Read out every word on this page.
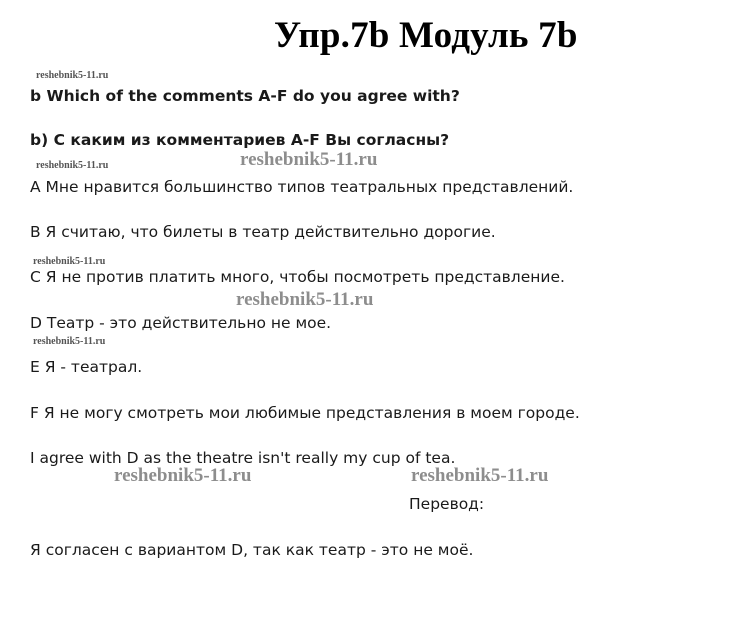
Упр.7b Модуль 7b
reshebnik5-11.ru
b Which of the comments A-F do you agree with?
b) С каким из комментариев A-F Вы согласны?
reshebnik5-11.ru	reshebnik5-11.ru
A Мне нравится большинство типов театральных представлений.
B Я считаю, что билеты в театр действительно дорогие.
reshebnik5-11.ru
C Я не против платить много, чтобы посмотреть представление.
reshebnik5-11.ru
D Театр - это действительно не мое.
reshebnik5-11.ru
E Я - театрал.
F Я не могу смотреть мои любимые представления в моем городе.
I agree with D as the theatre isn't really my cup of tea.
reshebnik5-11.ru	reshebnik5-11.ru
Перевод:
Я согласен с вариантом D, так как театр - это не моё.
